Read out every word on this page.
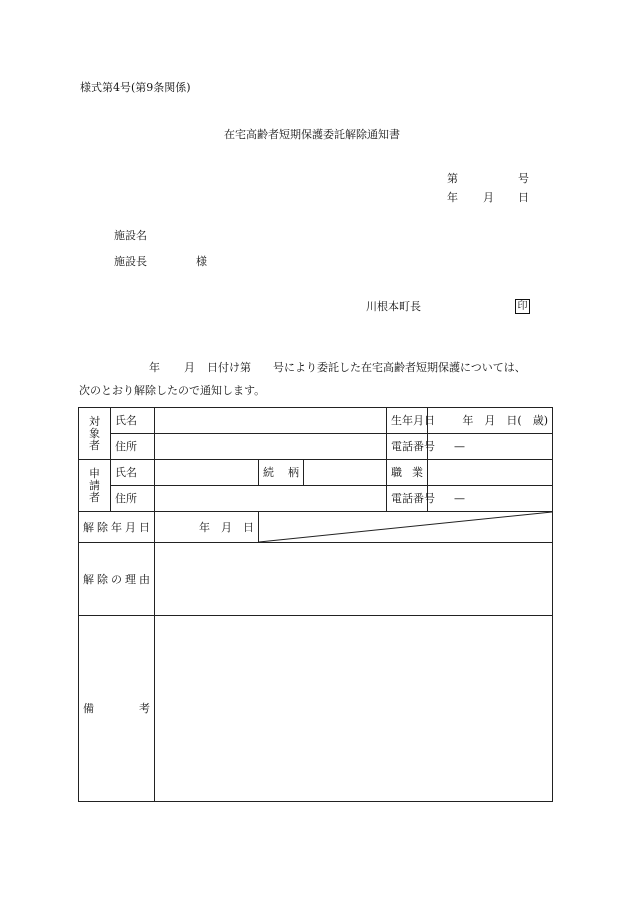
様式第4号(第9条関係)
在宅高齢者短期保護委託解除通知書
第	号
年 月 日
施設名
施設長	様
川根本町長	印
年 月 日付け第　　号により委託した在宅高齢者短期保護については、
次のとおり解除したので通知します。
対
象
者	氏名				生年月日	年　月　日(　歳)
	住所				電話番号	—

申
請
者	氏名		続柄		職業	
	住所				電話番号	—
解除年月日		年　月　日	

解除の理由						

備 考						
